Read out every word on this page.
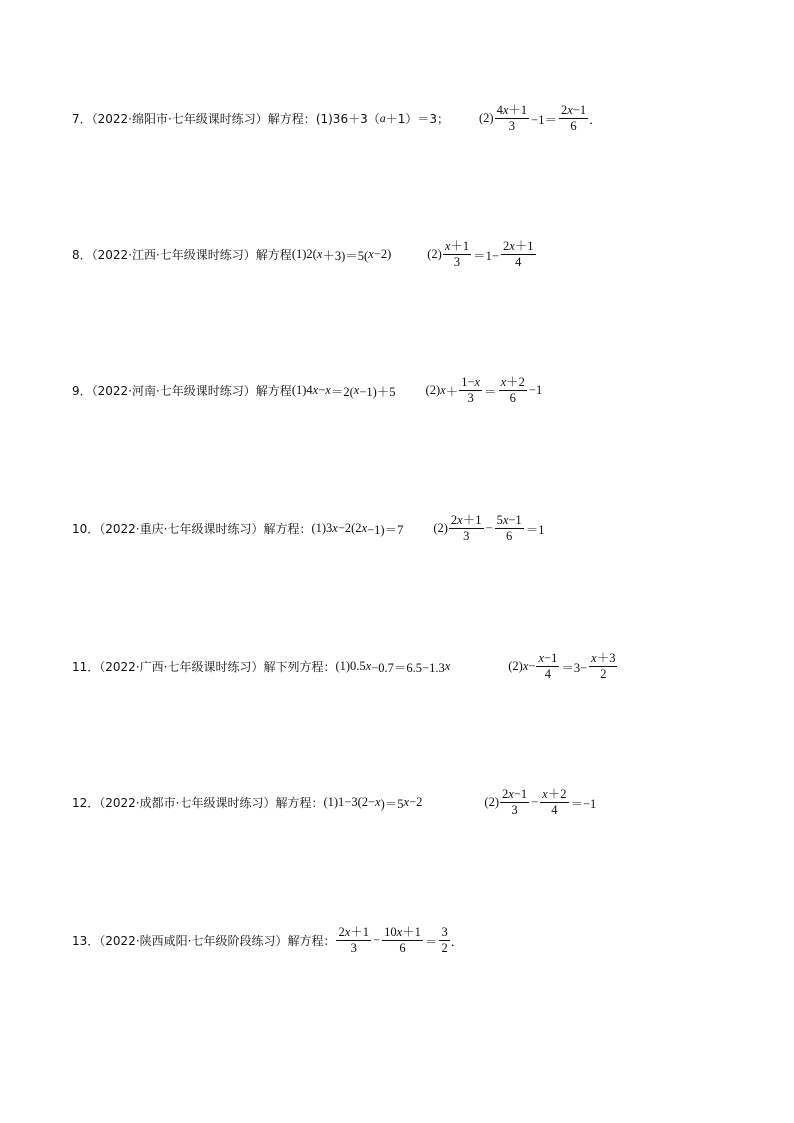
7．（2022·绵阳市·七年级课时练习）解方程： (1)36＋3（ a ＋1）＝3； $(2) \frac{4x+1}{3} -1= \frac{2x-1}{6}$ ．
8．（2022·江西·七年级课时练习）解方程 (1) 2( x ＋3)＝5( x −2)	$(2) \frac{x+1}{3} =1- \frac{2x+1}{4}$
9．（2022·河南·七年级课时练习）解方程 (1) 4 x − x ＝2( x −1)＋5 (2) $x + \frac{1-x}{3} = \frac{x+2}{6} -1$
10．（2022·重庆·七年级课时练习）解方程： (1) 3 x −2(2 x −1)＝7 $(2) \frac{2x+1}{3} - \frac{5x-1}{6} =1$
11．（2022·广西·七年级课时练习）解下列方程： (1) 0.5 x −0.7＝6.5−1.3 x	(2) $x - \frac{x-1}{4} =3- \frac{x+3}{2}$
12．（2022·成都市·七年级课时练习）解方程： (1) 1−3(2− x )＝5 x −2	$(2) \frac{2x-1}{3} - \frac{x+2}{4} =-1$
13．（2022·陕西咸阳·七年级阶段练习）解方程： $\frac{2x+1}{3} - \frac{10x+1}{6} = \frac{3}{2}$ ．
